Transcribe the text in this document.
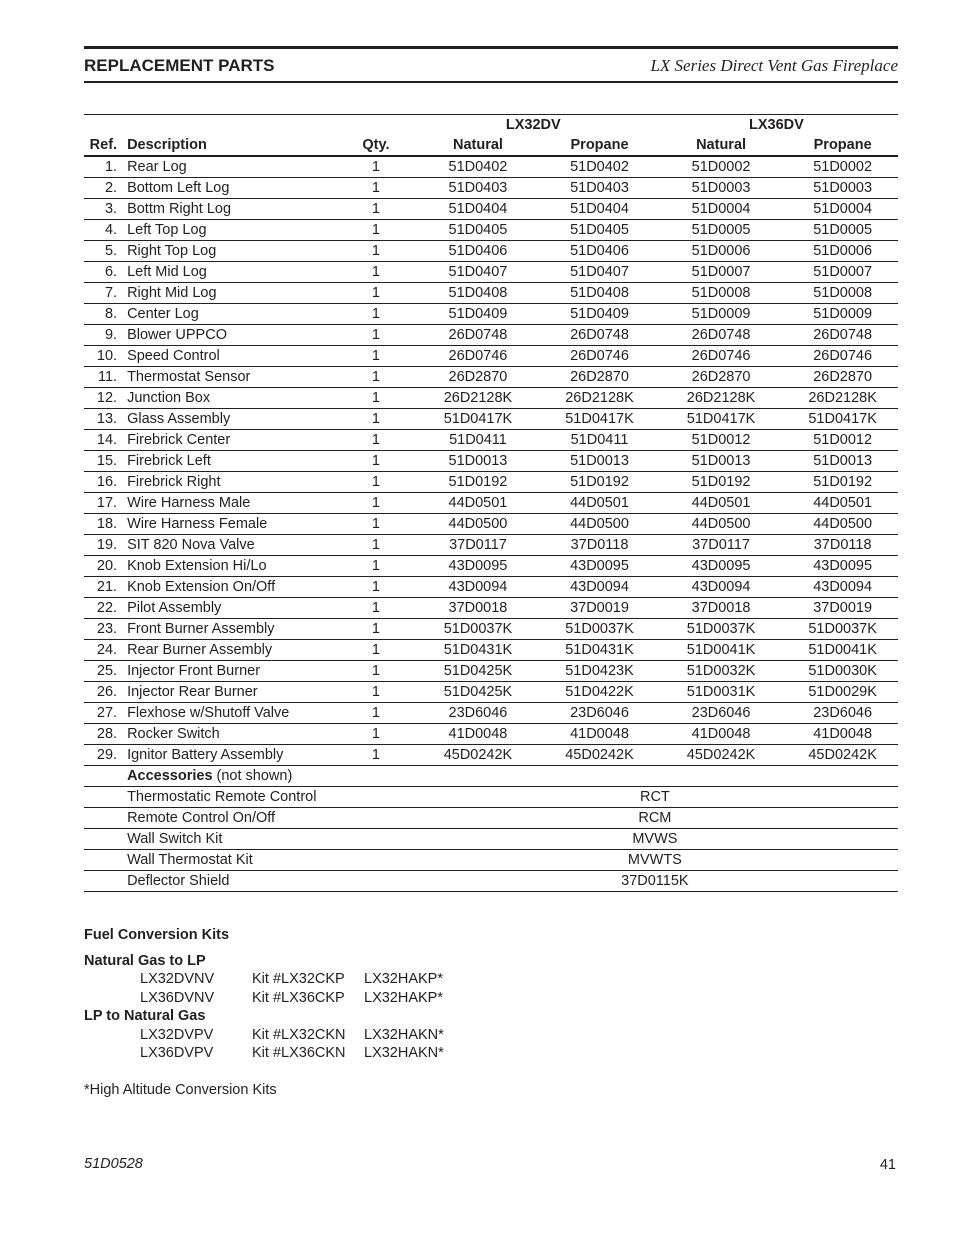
REPLACEMENT PARTS	LX Series Direct Vent Gas Fireplace
			LX32DV		LX36DV	
Ref.	Description	Qty.	Natural	Propane	Natural	Propane
1.	Rear Log	1	51D0402	51D0402	51D0002	51D0002
2.	Bottom Left Log	1	51D0403	51D0403	51D0003	51D0003
3.	Bottm Right Log	1	51D0404	51D0404	51D0004	51D0004
4.	Left Top Log	1	51D0405	51D0405	51D0005	51D0005
5.	Right Top Log	1	51D0406	51D0406	51D0006	51D0006
6.	Left Mid Log	1	51D0407	51D0407	51D0007	51D0007
7.	Right Mid Log	1	51D0408	51D0408	51D0008	51D0008
8.	Center Log	1	51D0409	51D0409	51D0009	51D0009
9.	Blower UPPCO	1	26D0748	26D0748	26D0748	26D0748
10.	Speed Control	1	26D0746	26D0746	26D0746	26D0746
11.	Thermostat Sensor	1	26D2870	26D2870	26D2870	26D2870
12.	Junction Box	1	26D2128K	26D2128K	26D2128K	26D2128K
13.	Glass Assembly	1	51D0417K	51D0417K	51D0417K	51D0417K
14.	Firebrick Center	1	51D0411	51D0411	51D0012	51D0012
15.	Firebrick Left	1	51D0013	51D0013	51D0013	51D0013
16.	Firebrick Right	1	51D0192	51D0192	51D0192	51D0192
17.	Wire Harness Male	1	44D0501	44D0501	44D0501	44D0501
18.	Wire Harness Female	1	44D0500	44D0500	44D0500	44D0500
19.	SIT 820 Nova Valve	1	37D0117	37D0118	37D0117	37D0118
20.	Knob Extension Hi/Lo	1	43D0095	43D0095	43D0095	43D0095
21.	Knob Extension On/Off	1	43D0094	43D0094	43D0094	43D0094
22.	Pilot Assembly	1	37D0018	37D0019	37D0018	37D0019
23.	Front Burner Assembly	1	51D0037K	51D0037K	51D0037K	51D0037K
24.	Rear Burner Assembly	1	51D0431K	51D0431K	51D0041K	51D0041K
25.	Injector Front Burner	1	51D0425K	51D0423K	51D0032K	51D0030K
26.	Injector Rear Burner	1	51D0425K	51D0422K	51D0031K	51D0029K
27.	Flexhose w/Shutoff Valve	1	23D6046	23D6046	23D6046	23D6046
28.	Rocker Switch	1	41D0048	41D0048	41D0048	41D0048
29.	Ignitor Battery Assembly	1	45D0242K	45D0242K	45D0242K	45D0242K
	Accessories (not shown)					
	Thermostatic Remote Control		RCT			
	Remote Control On/Off		RCM			
	Wall Switch Kit		MVWS			
	Wall Thermostat Kit		MVWTS			
	Deflector Shield		37D0115K			
Fuel Conversion Kits
Natural Gas to LP
LX32DVNV	Kit #LX32CKP	LX32HAKP*
LX36DVNV	Kit #LX36CKP	LX32HAKP*
LP to Natural Gas
LX32DVPV	Kit #LX32CKN	LX32HAKN*
LX36DVPV	Kit #LX36CKN	LX32HAKN*
*High Altitude Conversion Kits
51D0528	41
